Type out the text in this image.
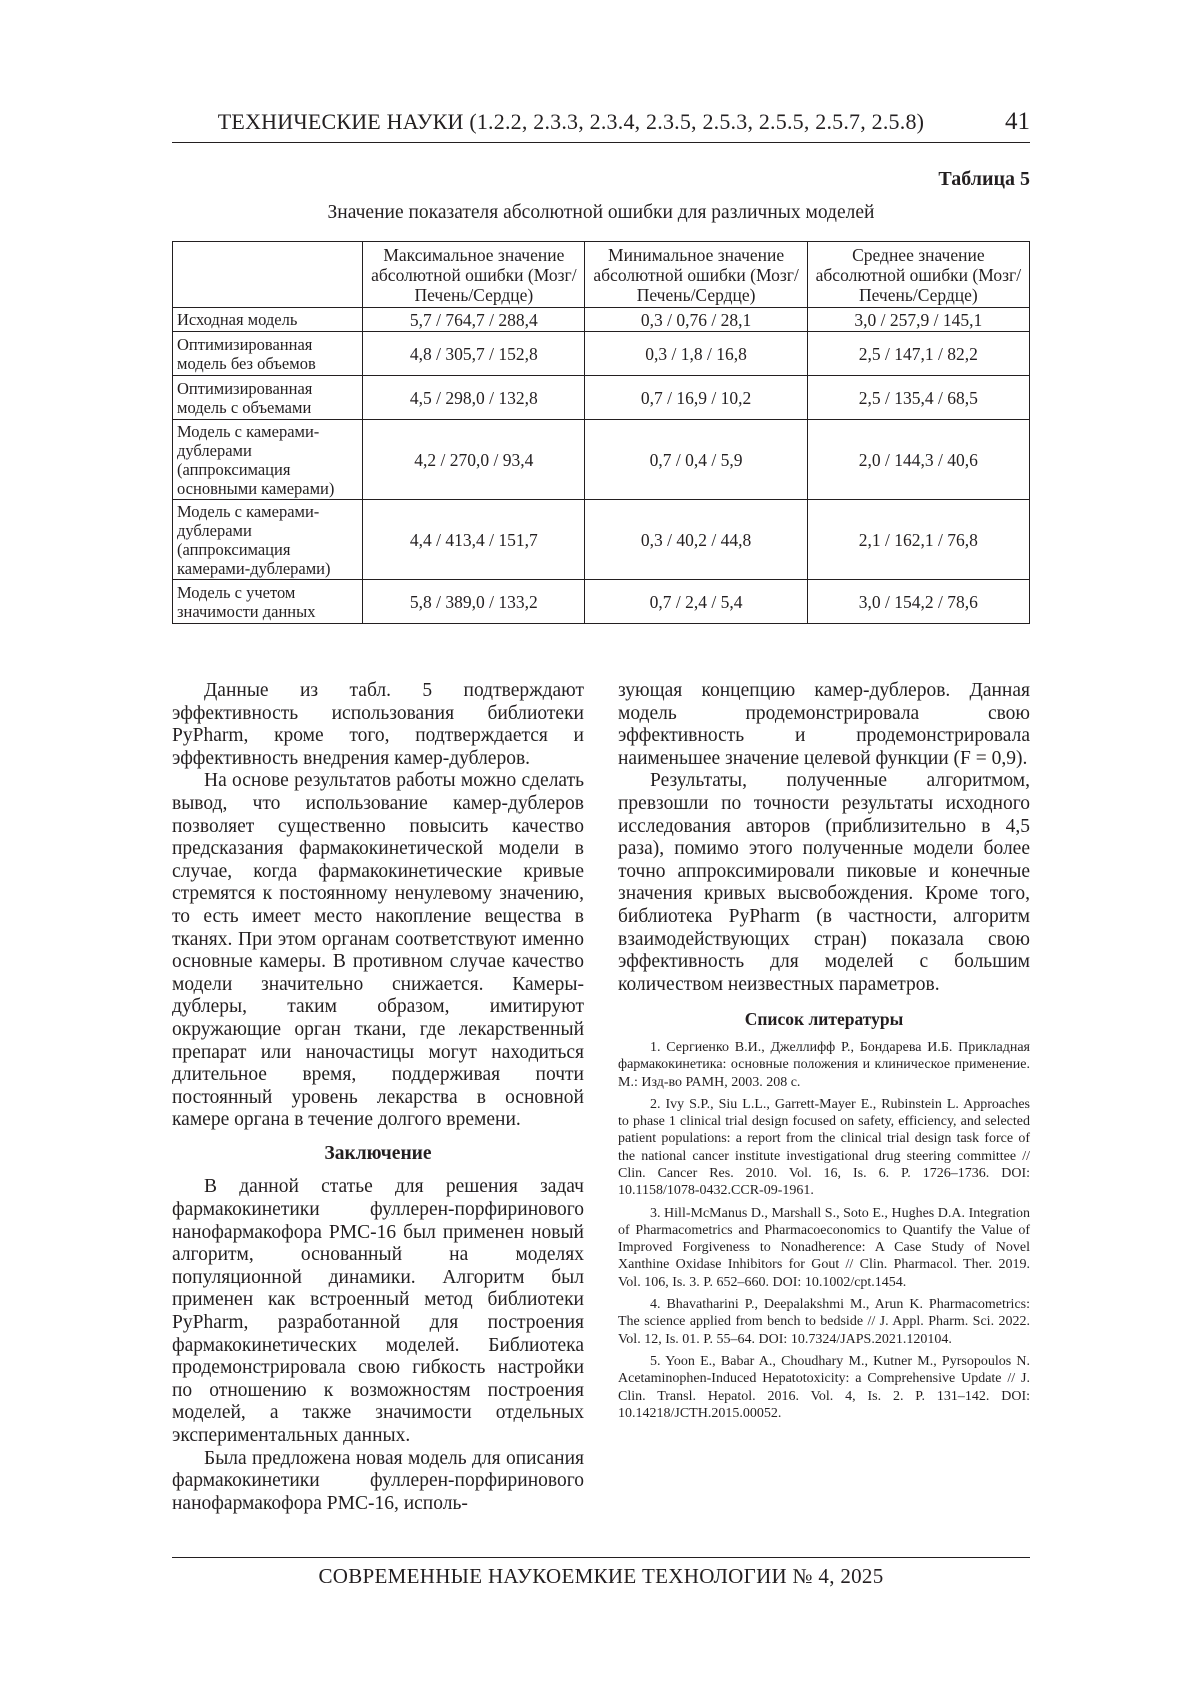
ТЕХНИЧЕСКИЕ НАУКИ (1.2.2, 2.3.3, 2.3.4, 2.3.5, 2.5.3, 2.5.5, 2.5.7, 2.5.8)	41
Таблица 5
Значение показателя абсолютной ошибки для различных моделей
	Максимальное значение абсолютной ошибки (Мозг/Печень/Сердце)	Минимальное значение абсолютной ошибки (Мозг/Печень/Сердце)	Среднее значение абсолютной ошибки (Мозг/Печень/Сердце)
Исходная модель	5,7 / 764,7 / 288,4	0,3 / 0,76 / 28,1	3,0 / 257,9 / 145,1
Оптимизированная модель без объемов	4,8 / 305,7 / 152,8	0,3 / 1,8 / 16,8	2,5 / 147,1 / 82,2
Оптимизированная модель с объемами	4,5 / 298,0 / 132,8	0,7 / 16,9 / 10,2	2,5 / 135,4 / 68,5
Модель с камерами-дублерами (аппроксимация основными камерами)	4,2 / 270,0 / 93,4	0,7 / 0,4 / 5,9	2,0 / 144,3 / 40,6
Модель с камерами-дублерами (аппроксимация камерами-дублерами)	4,4 / 413,4 / 151,7	0,3 / 40,2 / 44,8	2,1 / 162,1 / 76,8
Модель с учетом значимости данных	5,8 / 389,0 / 133,2	0,7 / 2,4 / 5,4	3,0 / 154,2 / 78,6

Данные из табл. 5 подтверждают эффективность использования библиотеки PyPharm, кроме того, подтверждается и эффективность внедрения камер-дублеров.

На основе результатов работы можно сделать вывод, что использование камер-дублеров позволяет существенно повысить качество предсказания фармакокинетической модели в случае, когда фармакокинетические кривые стремятся к постоянному ненулевому значению, то есть имеет место накопление вещества в тканях. При этом органам соответствуют именно основные камеры. В противном случае качество модели значительно снижается. Камеры-дублеры, таким образом, имитируют окружающие орган ткани, где лекарственный препарат или наночастицы могут находиться длительное время, поддерживая почти постоянный уровень лекарства в основной камере органа в течение долгого времени.

Заключение

В данной статье для решения задач фармакокинетики фуллерен-порфиринового нанофармакофора PMC-16 был применен новый алгоритм, основанный на моделях популяционной динамики. Алгоритм был применен как встроенный метод библиотеки PyPharm, разработанной для построения фармакокинетических моделей. Библиотека продемонстрировала свою гибкость настройки по отношению к возможностям построения моделей, а также значимости отдельных экспериментальных данных.

Была предложена новая модель для описания фармакокинетики фуллерен-порфиринового нанофармакофора PMC-16, исполь-

зующая концепцию камер-дублеров. Данная модель продемонстрировала свою эффективность и продемонстрировала наименьшее значение целевой функции (F = 0,9).

Результаты, полученные алгоритмом, превзошли по точности результаты исходного исследования авторов (приблизительно в 4,5 раза), помимо этого полученные модели более точно аппроксимировали пиковые и конечные значения кривых высвобождения. Кроме того, библиотека PyPharm (в частности, алгоритм взаимодействующих стран) показала свою эффективность для моделей с большим количеством неизвестных параметров.

Список литературы
1. Сергиенко В.И., Джеллифф Р., Бондарева И.Б. Прикладная фармакокинетика: основные положения и клиническое применение. М.: Изд-во РАМН, 2003. 208 с.
2. Ivy S.P., Siu L.L., Garrett-Mayer E., Rubinstein L. Approaches to phase 1 clinical trial design focused on safety, efficiency, and selected patient populations: a report from the clinical trial design task force of the national cancer institute investigational drug steering committee // Clin. Cancer Res. 2010. Vol. 16, Is. 6. P. 1726–1736. DOI: 10.1158/1078-0432.CCR-09-1961.
3. Hill-McManus D., Marshall S., Soto E., Hughes D.A. Integration of Pharmacometrics and Pharmacoeconomics to Quantify the Value of Improved Forgiveness to Nonadherence: A Case Study of Novel Xanthine Oxidase Inhibitors for Gout // Clin. Pharmacol. Ther. 2019. Vol. 106, Is. 3. P. 652–660. DOI: 10.1002/cpt.1454.
4. Bhavatharini P., Deepalakshmi M., Arun K. Pharmacometrics: The science applied from bench to bedside // J. Appl. Pharm. Sci. 2022. Vol. 12, Is. 01. P. 55–64. DOI: 10.7324/JAPS.2021.120104.
5. Yoon E., Babar A., Choudhary M., Kutner M., Pyrsopoulos N. Acetaminophen-Induced Hepatotoxicity: a Comprehensive Update // J. Clin. Transl. Hepatol. 2016. Vol. 4, Is. 2. P. 131–142. DOI: 10.14218/JCTH.2015.00052.
СОВРЕМЕННЫЕ НАУКОЕМКИЕ ТЕХНОЛОГИИ № 4, 2025
